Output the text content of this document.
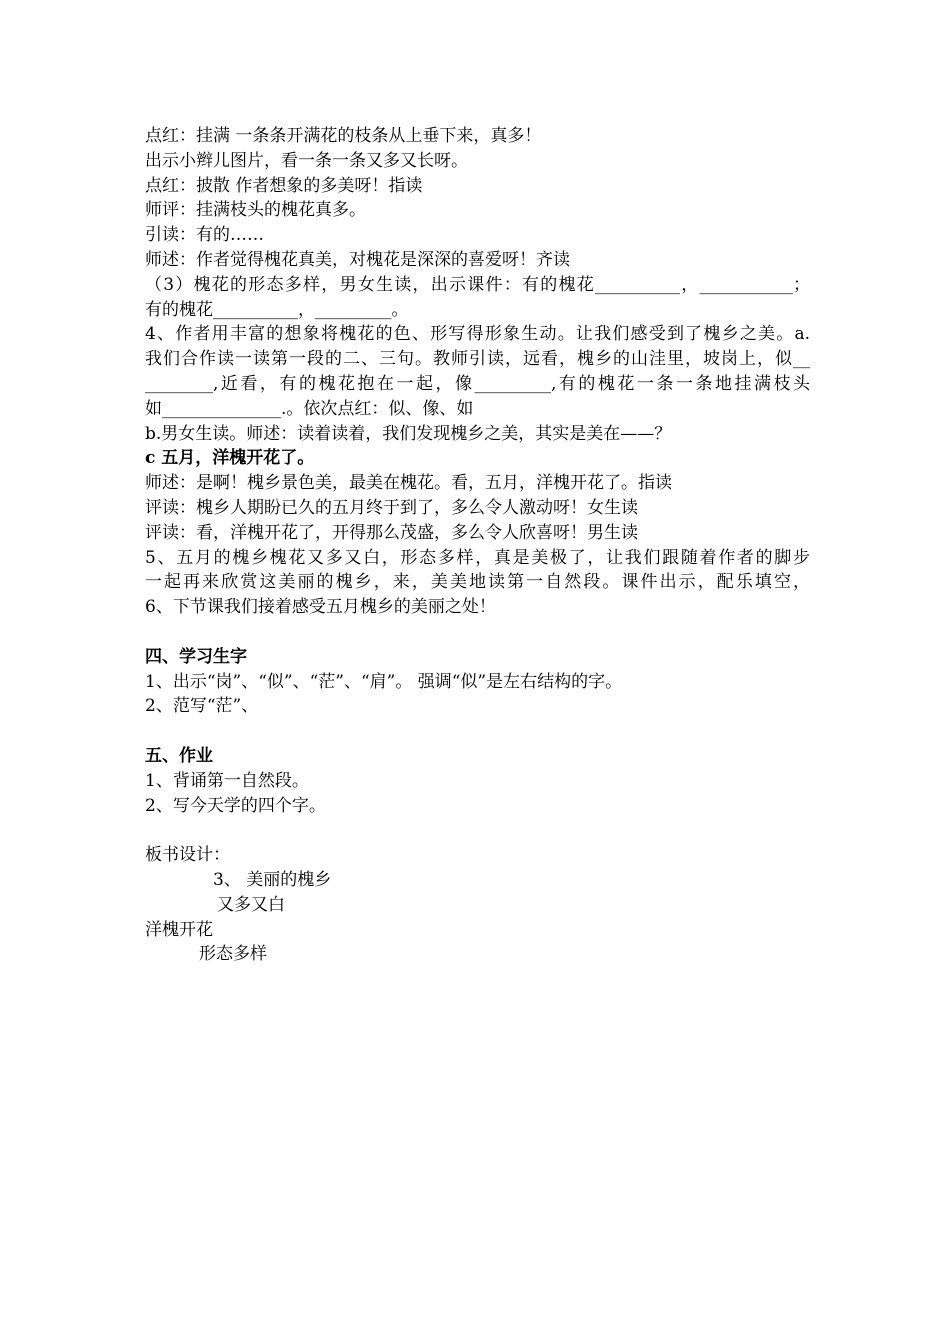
点红：挂满 一条条开满花的枝条从上垂下来，真多！
出示小辫儿图片，看一条一条又多又长呀。
点红：披散 作者想象的多美呀！指读
师评：挂满枝头的槐花真多。
引读：有的……
师述：作者觉得槐花真美，对槐花是深深的喜爱呀！齐读
（3）槐花的形态多样，男女生读，出示课件：有的槐花__________，___________；
有的槐花__________，_________。
4、作者用丰富的想象将槐花的色、形写得形象生动。让我们感受到了槐乡之美。a.
我们合作读一读第一段的二、三句。教师引读，远看，槐乡的山洼里，坡岗上，似__
________,近看，有的槐花抱在一起，像_________,有的槐花一条一条地挂满枝头
如______________.。依次点红：似、像、如
b.男女生读。师述：读着读着，我们发现槐乡之美，其实是美在——？
c 五月，洋槐开花了。
师述：是啊！槐乡景色美，最美在槐花。看，五月，洋槐开花了。指读
评读：槐乡人期盼已久的五月终于到了，多么令人激动呀！女生读
评读：看，洋槐开花了，开得那么茂盛，多么令人欣喜呀！男生读
5、五月的槐乡槐花又多又白，形态多样，真是美极了，让我们跟随着作者的脚步
一起再来欣赏这美丽的槐乡，来，美美地读第一自然段。课件出示，配乐填空，
6、下节课我们接着感受五月槐乡的美丽之处！
四、学习生字
1、出示“岗”、“似”、“茫”、“肩”。 强调“似”是左右结构的字。
2、范写“茫”、
五、作业
1、背诵第一自然段。
2、写今天学的四个字。
板书设计：
3、 美丽的槐乡
又多又白
洋槐开花
形态多样
